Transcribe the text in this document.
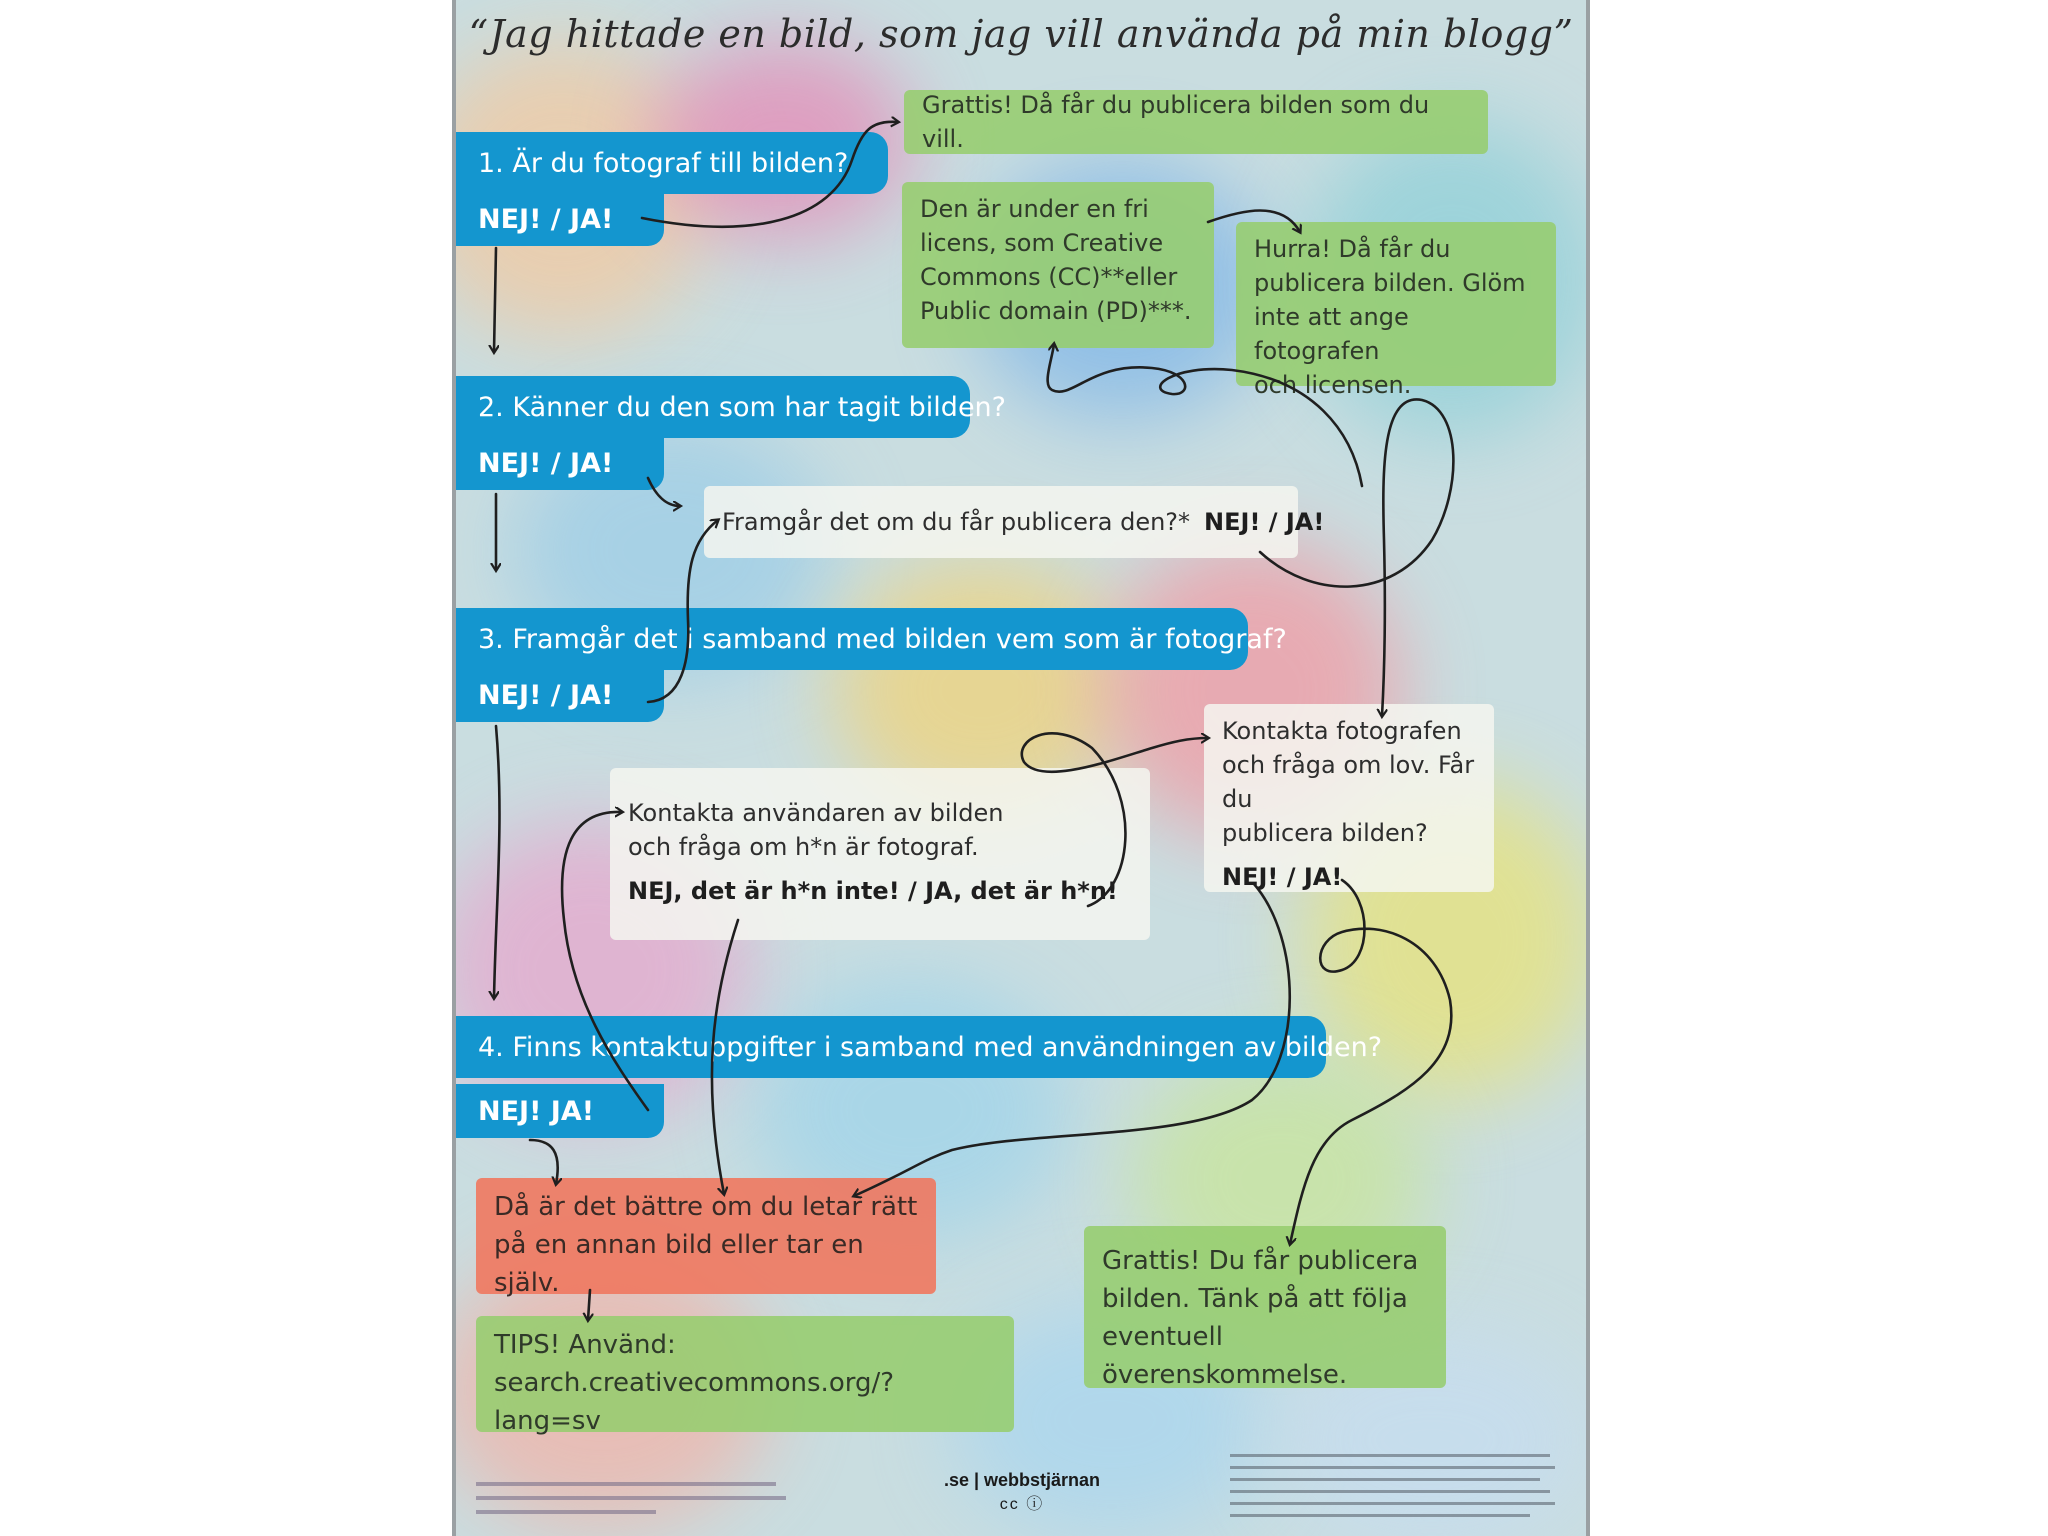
“Jag hittade en bild, som jag vill använda på min blogg”
1. Är du fotograf till bilden?
NEJ! / JA!
2. Känner du den som har tagit bilden?
NEJ! / JA!
3. Framgår det i samband med bilden vem som är fotograf?
NEJ! / JA!
4. Finns kontaktuppgifter i samband med användningen av bilden?
NEJ! JA!
Grattis! Då får du publicera bilden som du vill.
Den är under en fri
licens, som Creative
Commons (CC)**eller
Public domain (PD)***.
Hurra! Då får du
publicera bilden. Glöm
inte att ange fotografen
och licensen.
Framgår det om du får publicera den?* NEJ! / JA!
Kontakta användaren av bilden
och fråga om h*n är fotograf.
NEJ, det är h*n inte! / JA, det är h*n!
Kontakta fotografen
och fråga om lov. Får du
publicera bilden?
NEJ! / JA!
Då är det bättre om du letar rätt
på en annan bild eller tar en själv.
TIPS! Använd:
search.creativecommons.org/?lang=sv
Grattis! Du får publicera
bilden. Tänk på att följa
eventuell överenskommelse.
.se | webbstjärnan
cc ⓘ
